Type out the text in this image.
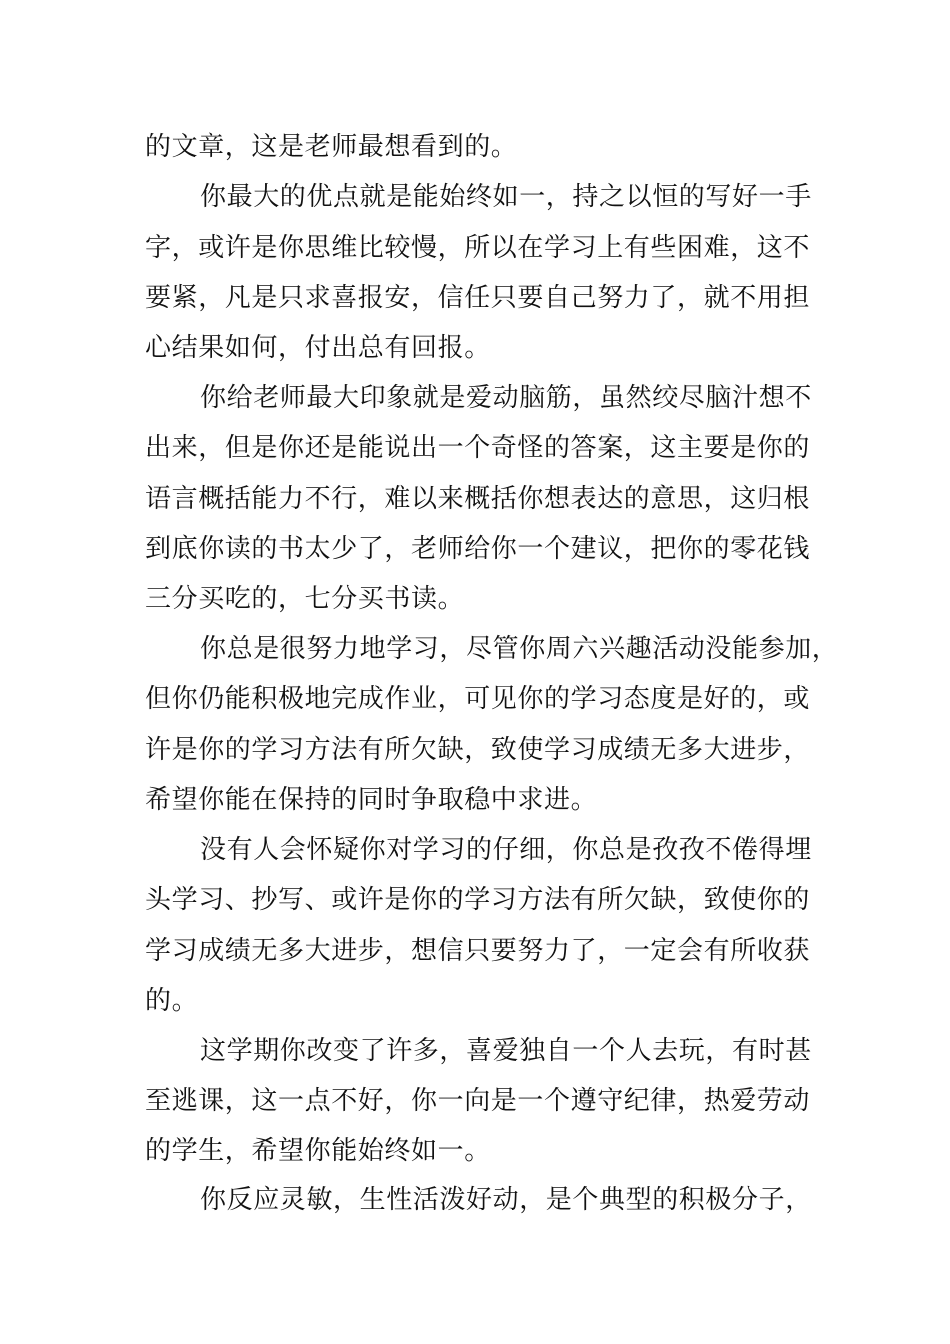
的文章，这是老师最想看到的。
你最大的优点就是能始终如一，持之以恒的写好一手
字，或许是你思维比较慢，所以在学习上有些困难，这不
要紧，凡是只求喜报安，信任只要自己努力了，就不用担
心结果如何，付出总有回报。
你给老师最大印象就是爱动脑筋，虽然绞尽脑汁想不
出来，但是你还是能说出一个奇怪的答案，这主要是你的
语言概括能力不行，难以来概括你想表达的意思，这归根
到底你读的书太少了，老师给你一个建议，把你的零花钱
三分买吃的，七分买书读。
你总是很努力地学习，尽管你周六兴趣活动没能参加，
但你仍能积极地完成作业，可见你的学习态度是好的，或
许是你的学习方法有所欠缺，致使学习成绩无多大进步，
希望你能在保持的同时争取稳中求进。
没有人会怀疑你对学习的仔细，你总是孜孜不倦得埋
头学习、抄写、或许是你的学习方法有所欠缺，致使你的
学习成绩无多大进步，想信只要努力了，一定会有所收获
的。
这学期你改变了许多，喜爱独自一个人去玩，有时甚
至逃课，这一点不好，你一向是一个遵守纪律，热爱劳动
的学生，希望你能始终如一。
你反应灵敏，生性活泼好动，是个典型的积极分子，
